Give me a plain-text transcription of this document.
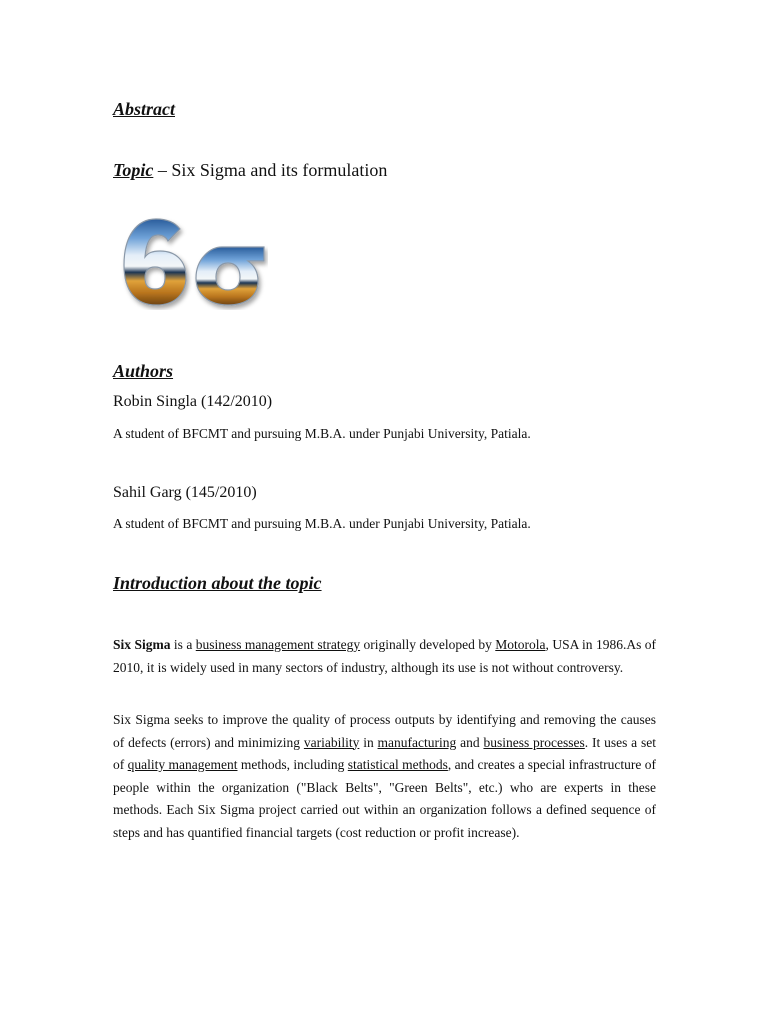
Abstract
Topic – Six Sigma and its formulation
Authors
Robin Singla (142/2010)
A student of BFCMT and pursuing M.B.A. under Punjabi University, Patiala.
Sahil Garg (145/2010)
A student of BFCMT and pursuing M.B.A. under Punjabi University, Patiala.
Introduction about the topic

Six Sigma is a business management strategy originally developed by Motorola, USA in 1986.As of 2010, it is widely used in many sectors of industry, although its use is not without controversy.

Six Sigma seeks to improve the quality of process outputs by identifying and removing the causes of defects (errors) and minimizing variability in manufacturing and business processes. It uses a set of quality management methods, including statistical methods, and creates a special infrastructure of people within the organization ("Black Belts", "Green Belts", etc.) who are experts in these methods. Each Six Sigma project carried out within an organization follows a defined sequence of steps and has quantified financial targets (cost reduction or profit increase).
